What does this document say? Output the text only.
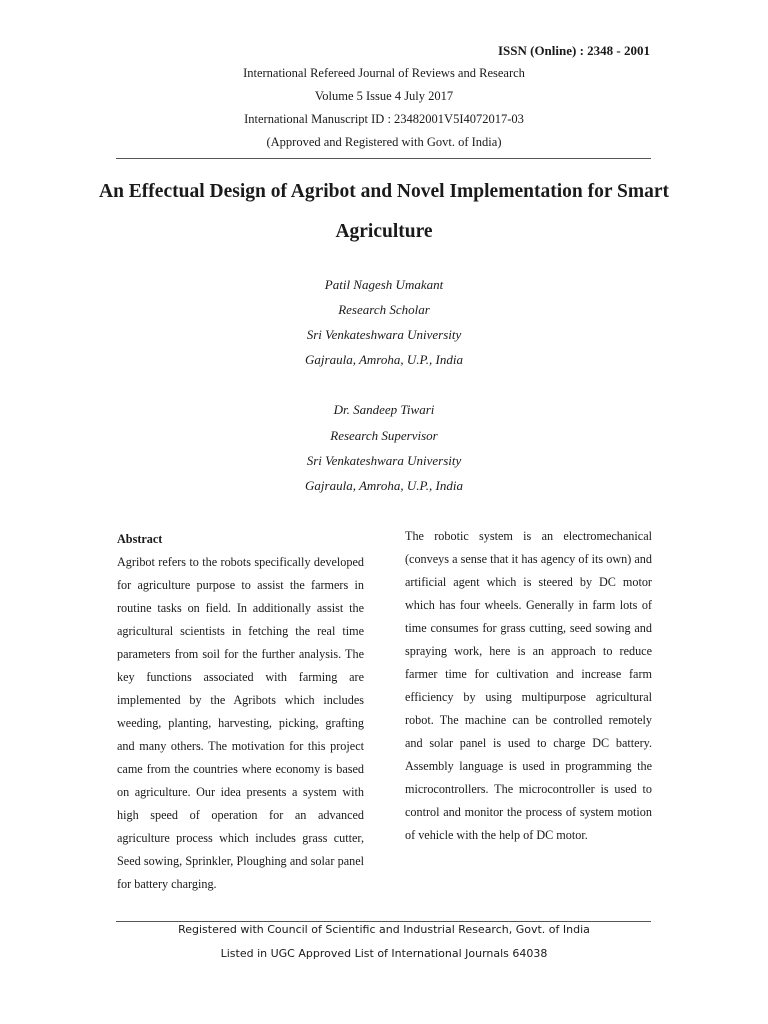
ISSN (Online) : 2348 - 2001
International Refereed Journal of Reviews and Research
Volume 5 Issue 4 July 2017
International Manuscript ID : 23482001V5I4072017-03
(Approved and Registered with Govt. of India)
An Effectual Design of Agribot and Novel Implementation for Smart Agriculture
Patil Nagesh Umakant
Research Scholar
Sri Venkateshwara University
Gajraula, Amroha, U.P., India
Dr. Sandeep Tiwari
Research Supervisor
Sri Venkateshwara University
Gajraula, Amroha, U.P., India
Abstract

Agribot refers to the robots specifically developed for agriculture purpose to assist the farmers in routine tasks on field. In additionally assist the agricultural scientists in fetching the real time parameters from soil for the further analysis. The key functions associated with farming are implemented by the Agribots which includes weeding, planting, harvesting, picking, grafting and many others. The motivation for this project came from the countries where economy is based on agriculture. Our idea presents a system with high speed of operation for an advanced agriculture process which includes grass cutter, Seed sowing, Sprinkler, Ploughing and solar panel for battery charging.

The robotic system is an electromechanical (conveys a sense that it has agency of its own) and artificial agent which is steered by DC motor which has four wheels. Generally in farm lots of time consumes for grass cutting, seed sowing and spraying work, here is an approach to reduce farmer time for cultivation and increase farm efficiency by using multipurpose agricultural robot. The machine can be controlled remotely and solar panel is used to charge DC battery. Assembly language is used in programming the microcontrollers. The microcontroller is used to control and monitor the process of system motion of vehicle with the help of DC motor.

Registered with Council of Scientific and Industrial Research, Govt. of India
Listed in UGC Approved List of International Journals 64038
